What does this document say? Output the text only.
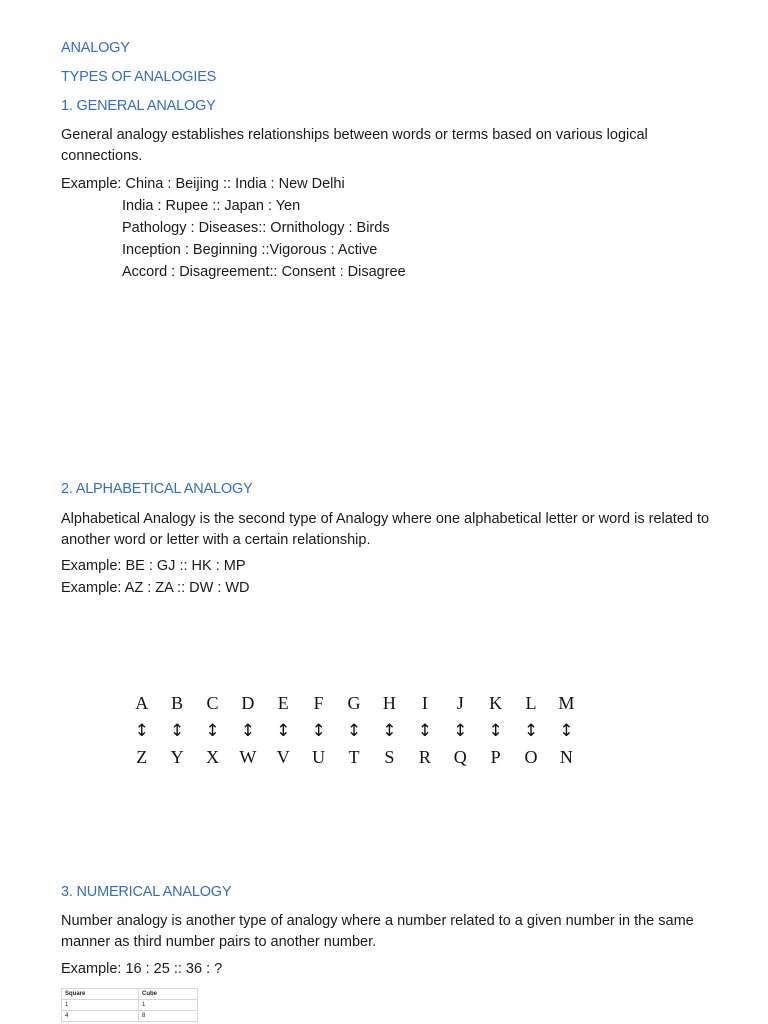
ANALOGY
TYPES OF ANALOGIES
1. GENERAL ANALOGY
General analogy establishes relationships between words or terms based on various logical connections.
Example: China : Beijing :: India : New Delhi
India : Rupee :: Japan : Yen
Pathology : Diseases:: Ornithology : Birds
Inception : Beginning ::Vigorous : Active
Accord : Disagreement:: Consent : Disagree
2. ALPHABETICAL ANALOGY
Alphabetical Analogy is the second type of Analogy where one alphabetical letter or word is related to another word or letter with a certain relationship.
Example: BE : GJ :: HK : MP
Example: AZ : ZA :: DW : WD
A	B	C	D	E	F	G	H	I	J	K	L	M
↕	↕	↕	↕	↕	↕	↕	↕	↕	↕	↕	↕	↕
Z	Y	X	W	V	U	T	S	R	Q	P	O	N
3. NUMERICAL ANALOGY
Number analogy is another type of analogy where a number related to a given number in the same manner as third number pairs to another number.
Example: 16 : 25 :: 36 : ?
Square	Cube
1	1
4	8
